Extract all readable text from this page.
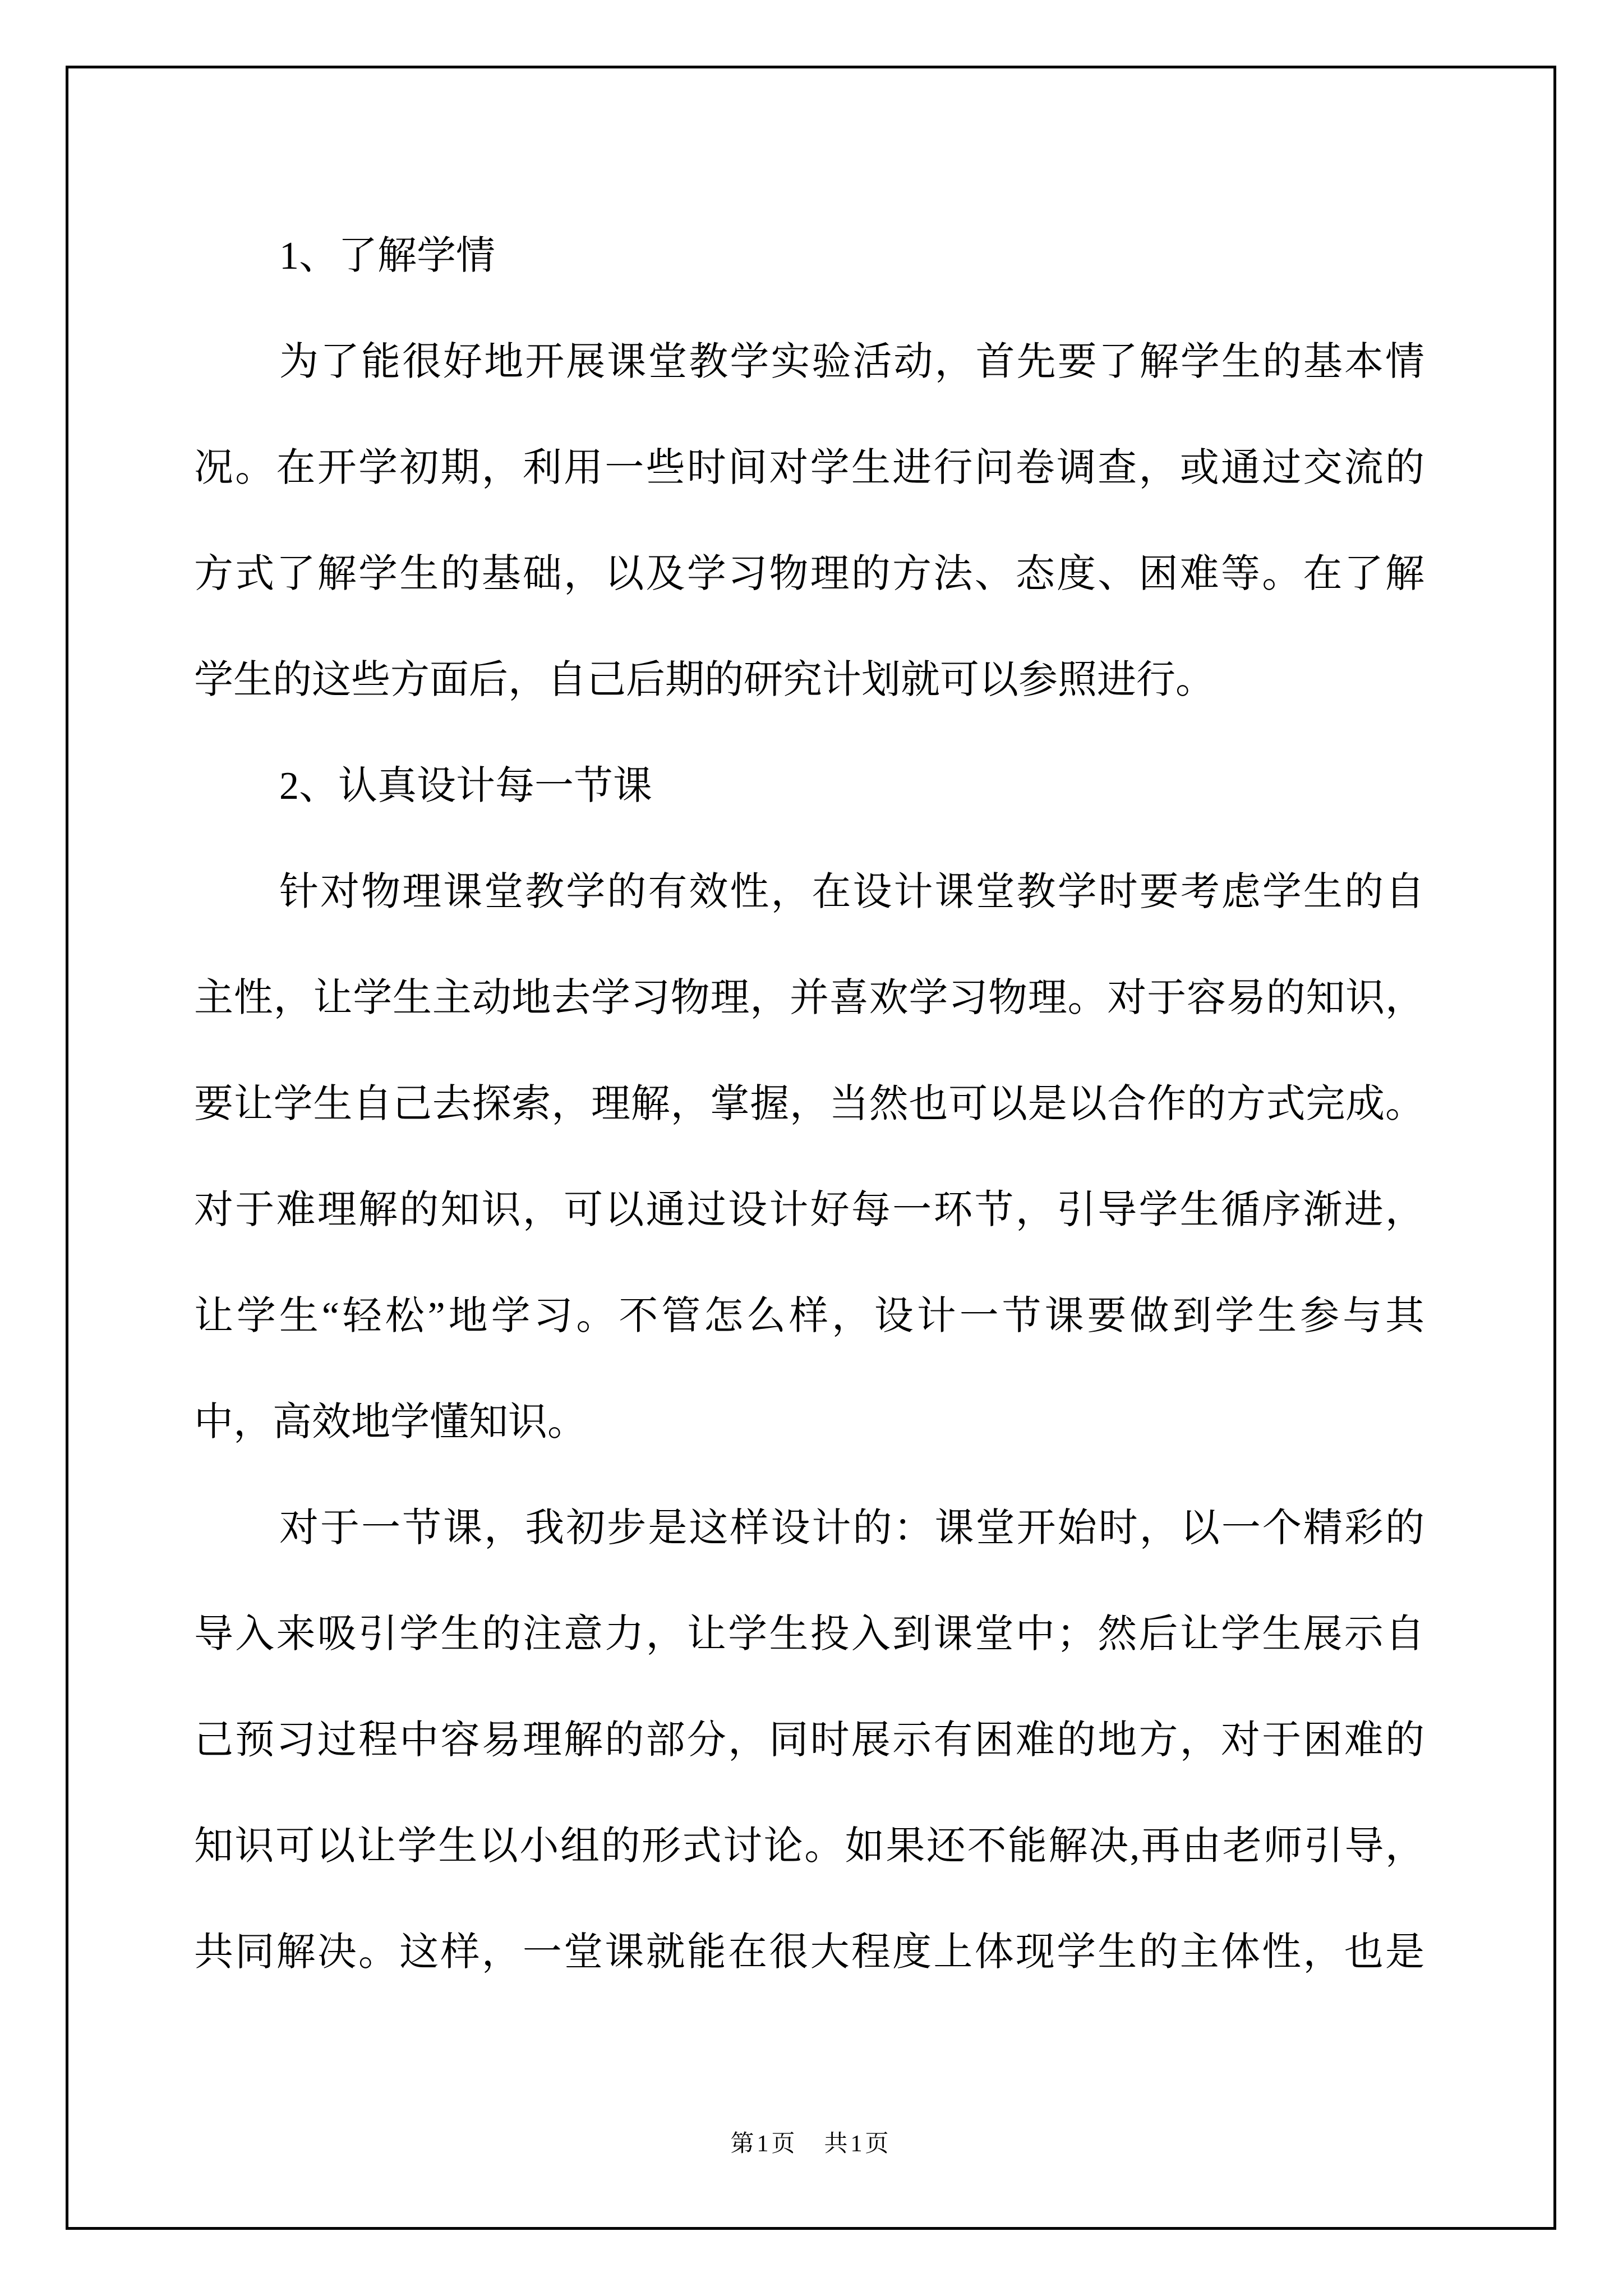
1、了解学情
为了能很好地开展课堂教学实验活动，首先要了解学生的基本情
况。在开学初期，利用一些时间对学生进行问卷调查，或通过交流的
方式了解学生的基础，以及学习物理的方法、态度、困难等。在了解
学生的这些方面后，自己后期的研究计划就可以参照进行。
2、认真设计每一节课
针对物理课堂教学的有效性，在设计课堂教学时要考虑学生的自
主性，让学生主动地去学习物理，并喜欢学习物理。对于容易的知识，
要让学生自己去探索，理解，掌握，当然也可以是以合作的方式完成。
对于难理解的知识，可以通过设计好每一环节，引导学生循序渐进，
让学生“轻松”地学习。不管怎么样，设计一节课要做到学生参与其
中，高效地学懂知识。
对于一节课，我初步是这样设计的：课堂开始时，以一个精彩的
导入来吸引学生的注意力，让学生投入到课堂中；然后让学生展示自
己预习过程中容易理解的部分，同时展示有困难的地方，对于困难的
知识可以让学生以小组的形式讨论。如果还不能解决,再由老师引导，
共同解决。这样，一堂课就能在很大程度上体现学生的主体性，也是
第1页　共1页
